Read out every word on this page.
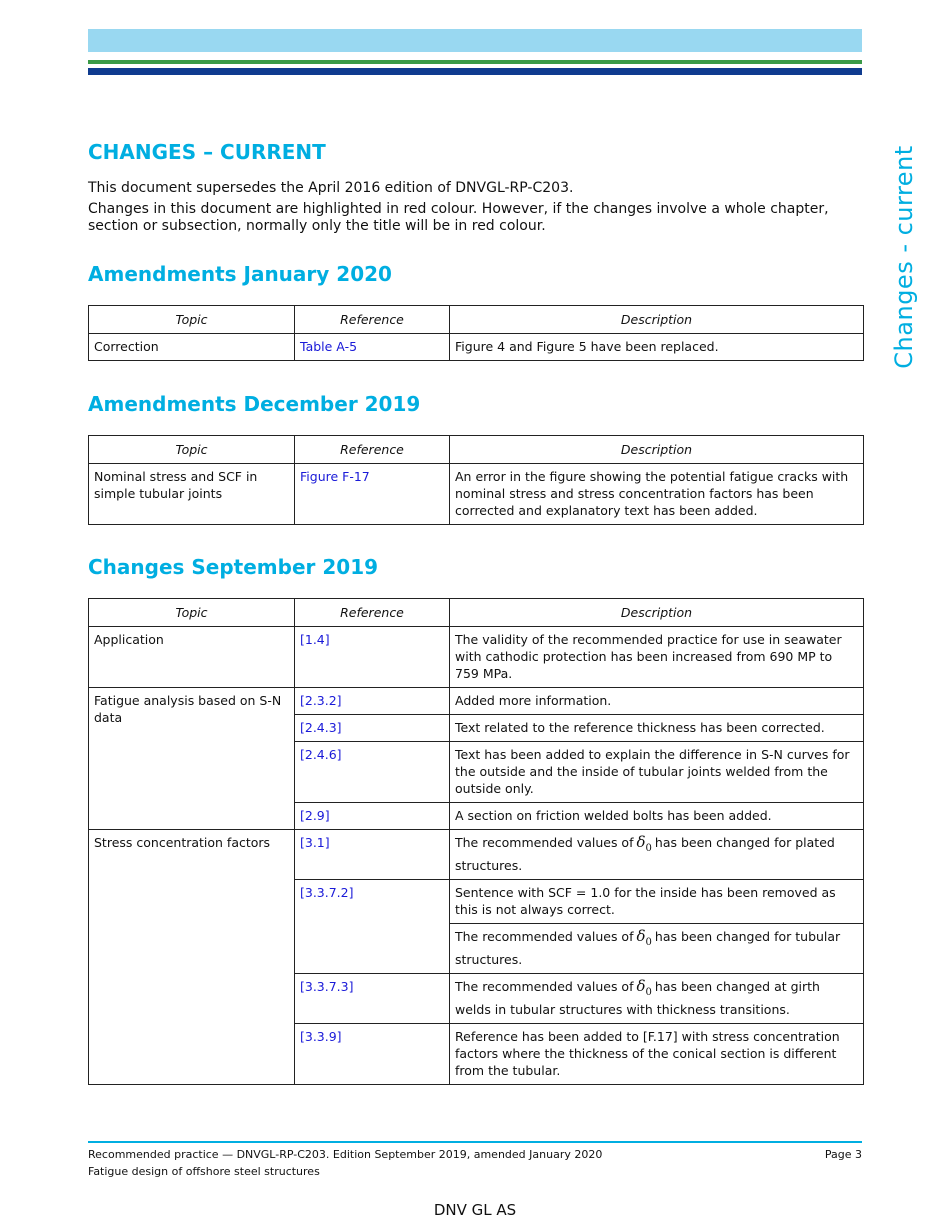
Changes - current
CHANGES – CURRENT

This document supersedes the April 2016 edition of DNVGL-RP-C203.

Changes in this document are highlighted in red colour. However, if the changes involve a whole chapter, section or subsection, normally only the title will be in red colour.

Amendments January 2020
Topic	Reference	Description
Correction	Table A-5	Figure 4 and Figure 5 have been replaced.
Amendments December 2019
Topic	Reference	Description
Nominal stress and SCF in simple tubular joints	Figure F-17	An error in the figure showing the potential fatigue cracks with nominal stress and stress concentration factors has been corrected and explanatory text has been added.
Changes September 2019
Topic	Reference	Description
Application	[1.4]	The validity of the recommended practice for use in seawater with cathodic protection has been increased from 690 MP to 759 MPa.
Fatigue analysis based on S-N data	[2.3.2]	Added more information.
	[2.4.3]	Text related to the reference thickness has been corrected.
	[2.4.6]	Text has been added to explain the difference in S-N curves for the outside and the inside of tubular joints welded from the outside only.
	[2.9]	A section on friction welded bolts has been added.
Stress concentration factors	[3.1]	The recommended values of $\delta_0$ has been changed for plated structures.
	[3.3.7.2]	Sentence with SCF = 1.0 for the inside has been removed as this is not always correct.
		The recommended values of $\delta_0$ has been changed for tubular structures.
	[3.3.7.3]	The recommended values of $\delta_0$ has been changed at girth welds in tubular structures with thickness transitions.
	[3.3.9]	Reference has been added to [F.17] with stress concentration factors where the thickness of the conical section is different from the tubular.
Recommended practice — DNVGL-RP-C203. Edition September 2019, amended January 2020
Fatigue design of offshore steel structures
Page 3
DNV GL AS
